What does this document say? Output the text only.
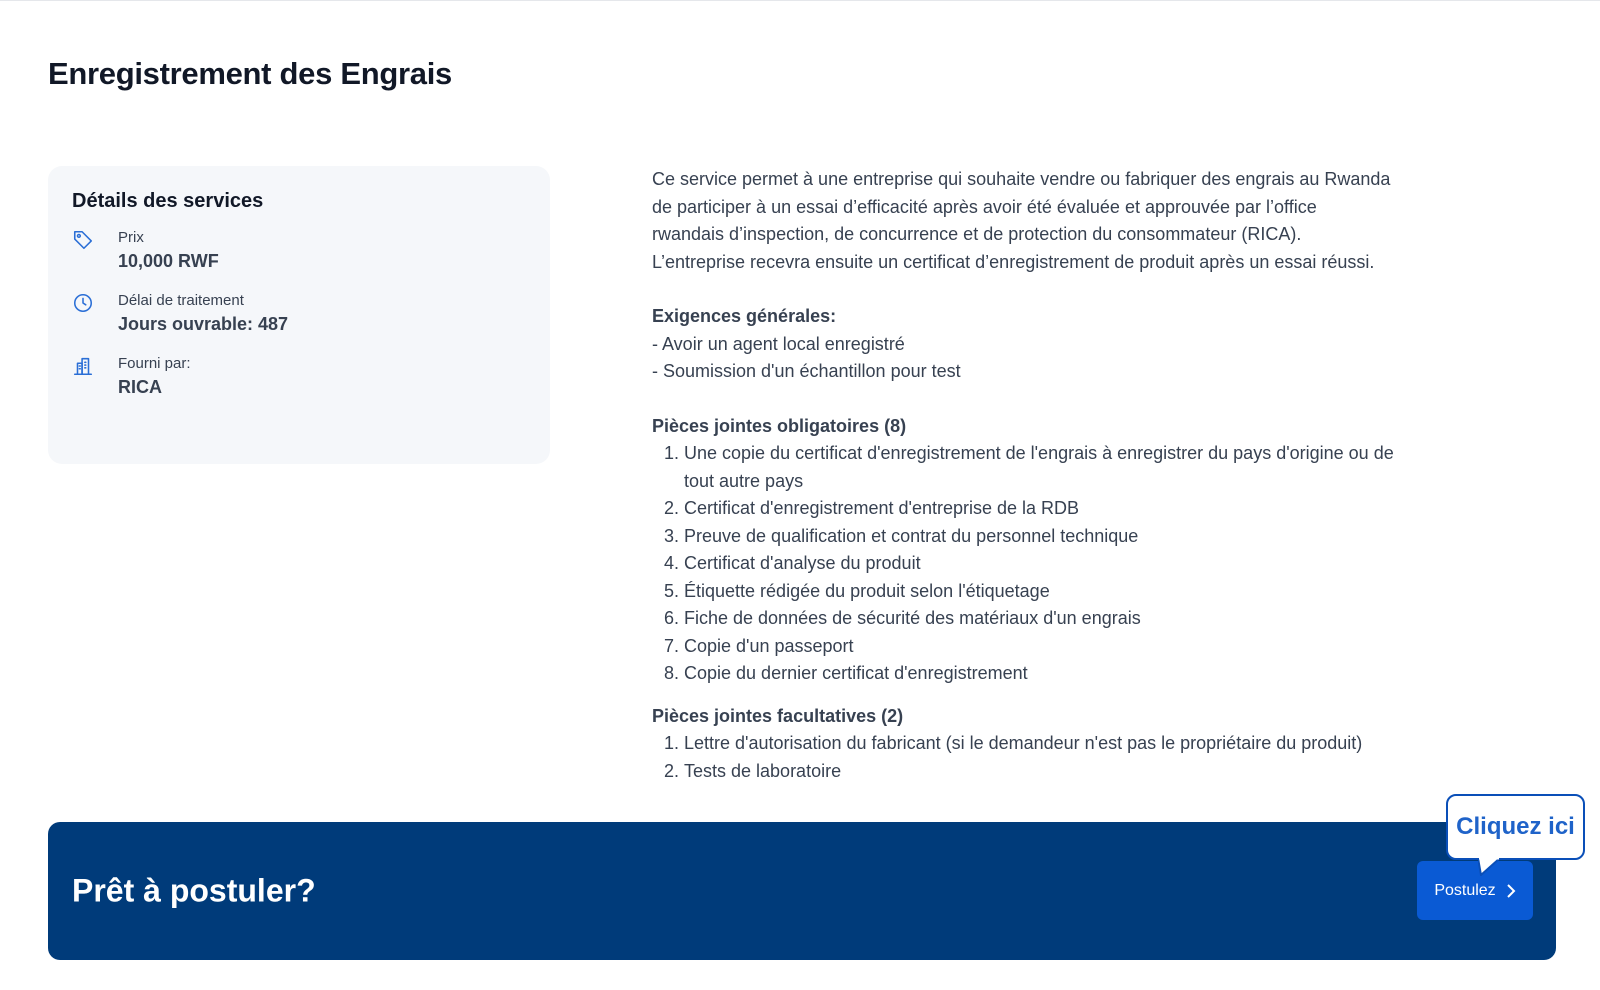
Enregistrement des Engrais
Détails des services
Prix
10,000 RWF
Délai de traitement
Jours ouvrable: 487
Fourni par:
RICA

Ce service permet à une entreprise qui souhaite vendre ou fabriquer des engrais au Rwanda
de participer à un essai d’efficacité après avoir été évaluée et approuvée par l’office
rwandais d’inspection, de concurrence et de protection du consommateur (RICA).
L’entreprise recevra ensuite un certificat d’enregistrement de produit après un essai réussi.

Exigences générales:
- Avoir un agent local enregistré
- Soumission d'un échantillon pour test
Pièces jointes obligatoires (8)
1. Une copie du certificat d'enregistrement de l'engrais à enregistrer du pays d'origine ou de tout autre pays
2. Certificat d'enregistrement d'entreprise de la RDB
3. Preuve de qualification et contrat du personnel technique
4. Certificat d'analyse du produit
5. Étiquette rédigée du produit selon l'étiquetage
6. Fiche de données de sécurité des matériaux d'un engrais
7. Copie d'un passeport
8. Copie du dernier certificat d'enregistrement
Pièces jointes facultatives (2)
1. Lettre d'autorisation du fabricant (si le demandeur n'est pas le propriétaire du produit)
2. Tests de laboratoire
Prêt à postuler?	Postulez
Cliquez ici
